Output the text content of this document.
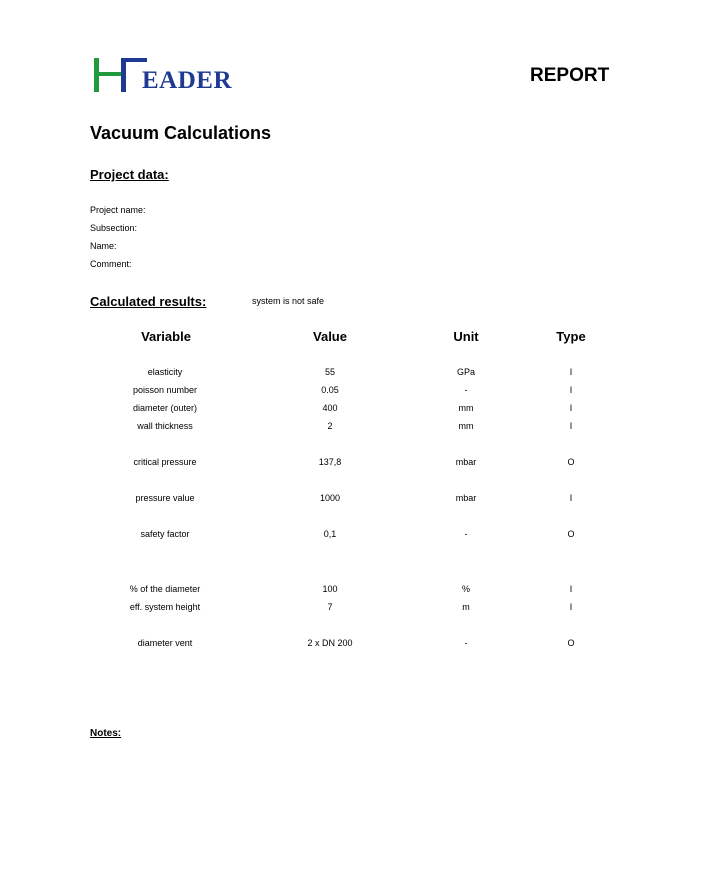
EADER	REPORT
Vacuum Calculations
Project data:
Project name:
Subsection:
Name:
Comment:
Calculated results:	system is not safe
Variable	Value	Unit	Type
elasticity	55	GPa	I
poisson number	0.05	-	I
diameter (outer)	400	mm	I
wall thickness	2	mm	I
critical pressure	137,8	mbar	O
pressure value	1000	mbar	I
safety factor	0,1	-	O
% of the diameter	100	%	I
eff. system height	7	m	I
diameter vent	2 x DN 200	-	O
Notes:
